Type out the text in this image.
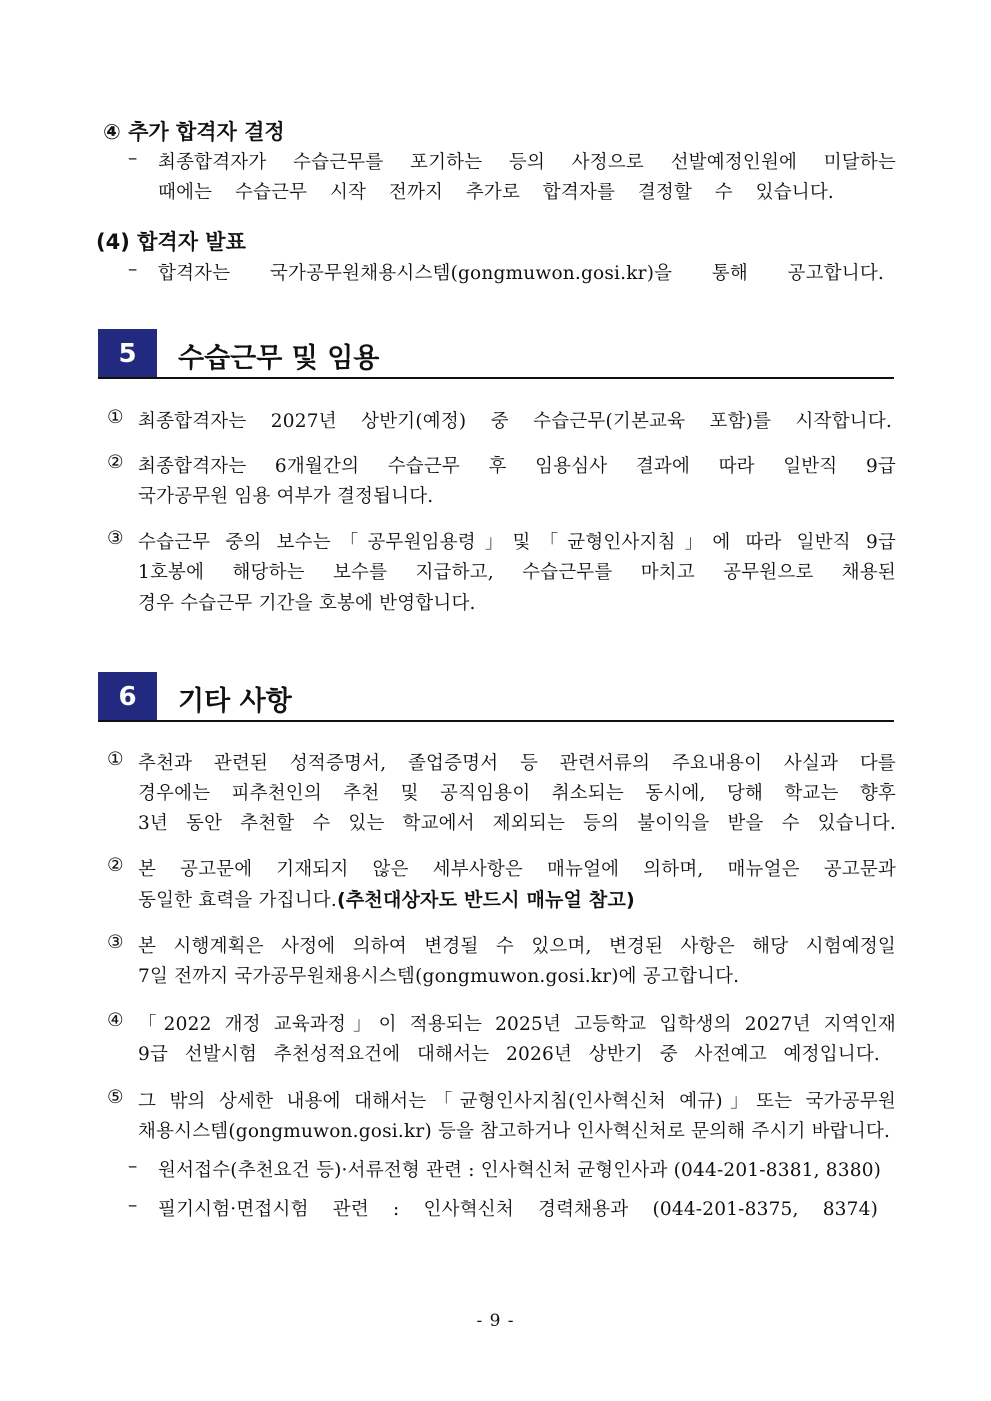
④ 추가 합격자 결정
– 최종합격자가 수습근무를 포기하는 등의 사정으로 선발예정인원에 미달하는
때에는 수습근무 시작 전까지 추가로 합격자를 결정할 수 있습니다.
(4) 합격자 발표
– 합격자는 국가공무원채용시스템(gongmuwon.gosi.kr)을 통해 공고합니다.
5 수습근무 및 임용
① 최종합격자는 2027년 상반기(예정) 중 수습근무(기본교육 포함)를 시작합니다.
② 최종합격자는 6개월간의 수습근무 후 임용심사 결과에 따라 일반직 9급
국가공무원 임용 여부가 결정됩니다.
③ 수습근무 중의 보수는「공무원임용령」및「균형인사지침」에 따라 일반직 9급
1호봉에 해당하는 보수를 지급하고, 수습근무를 마치고 공무원으로 채용된
경우 수습근무 기간을 호봉에 반영합니다.
6 기타 사항
① 추천과 관련된 성적증명서, 졸업증명서 등 관련서류의 주요내용이 사실과 다를
경우에는 피추천인의 추천 및 공직임용이 취소되는 동시에, 당해 학교는 향후
3년 동안 추천할 수 있는 학교에서 제외되는 등의 불이익을 받을 수 있습니다.
② 본 공고문에 기재되지 않은 세부사항은 매뉴얼에 의하며, 매뉴얼은 공고문과
동일한 효력을 가집니다.(추천대상자도 반드시 매뉴얼 참고)
③ 본 시행계획은 사정에 의하여 변경될 수 있으며, 변경된 사항은 해당 시험예정일
7일 전까지 국가공무원채용시스템(gongmuwon.gosi.kr)에 공고합니다.
④ 「2022 개정 교육과정」이 적용되는 2025년 고등학교 입학생의 2027년 지역인재
9급 선발시험 추천성적요건에 대해서는 2026년 상반기 중 사전예고 예정입니다.
⑤ 그 밖의 상세한 내용에 대해서는「균형인사지침(인사혁신처 예규)」또는 국가공무원
채용시스템(gongmuwon.gosi.kr) 등을 참고하거나 인사혁신처로 문의해 주시기 바랍니다.
– 원서접수(추천요건 등)·서류전형 관련 : 인사혁신처 균형인사과 (044-201-8381, 8380)
– 필기시험·면접시험 관련 : 인사혁신처 경력채용과 (044-201-8375, 8374)
- 9 -
